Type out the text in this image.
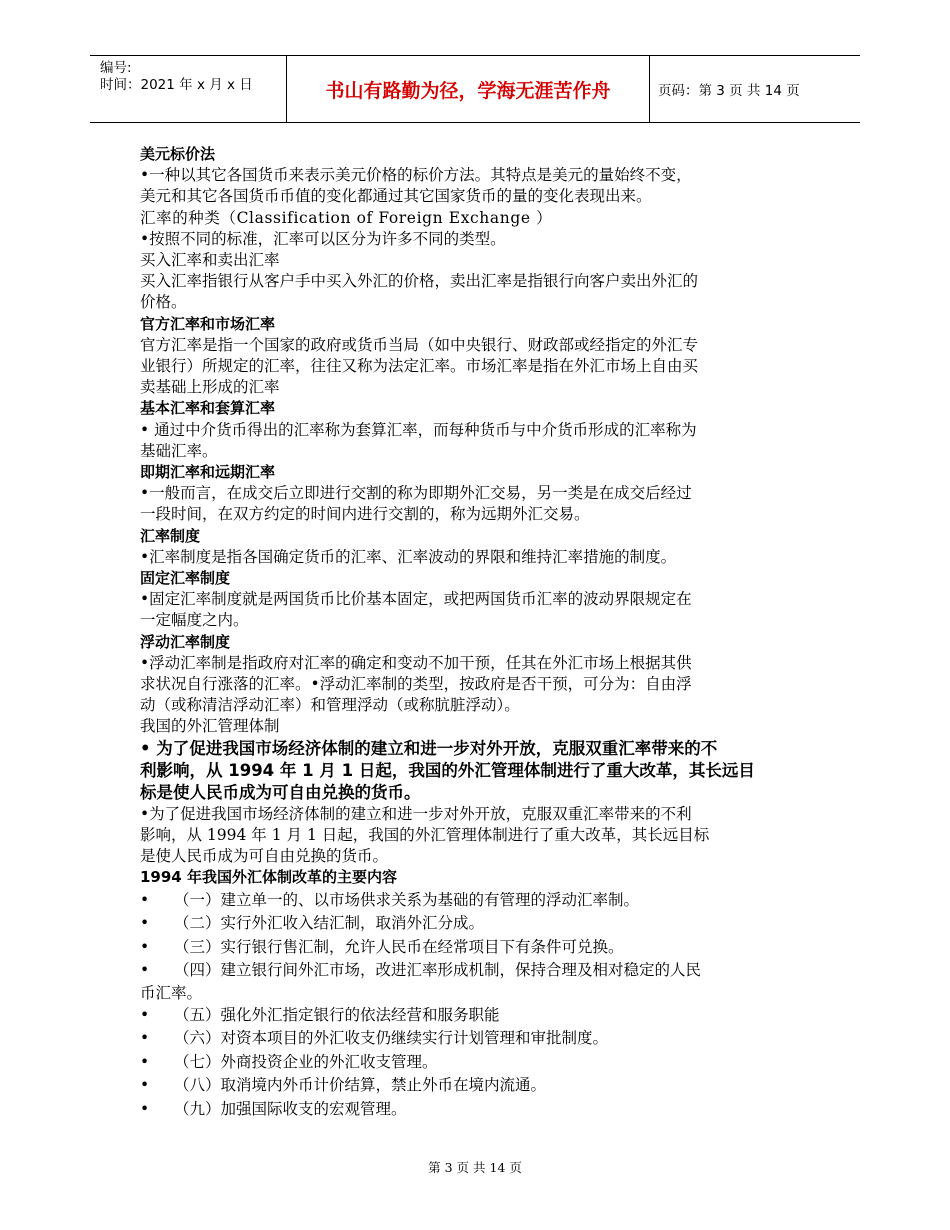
编号:
时间：2021 年 x 月 x 日	书山有路勤为径，学海无涯苦作舟	页码：第 3 页 共 14 页
美元标价法
•一种以其它各国货币来表示美元价格的标价方法。其特点是美元的量始终不变，
美元和其它各国货币币值的变化都通过其它国家货币的量的变化表现出来。
汇率的种类（Classification of Foreign Exchange ）
•按照不同的标准，汇率可以区分为许多不同的类型。
买入汇率和卖出汇率
买入汇率指银行从客户手中买入外汇的价格，卖出汇率是指银行向客户卖出外汇的
价格。
官方汇率和市场汇率
官方汇率是指一个国家的政府或货币当局（如中央银行、财政部或经指定的外汇专
业银行）所规定的汇率，往往又称为法定汇率。市场汇率是指在外汇市场上自由买
卖基础上形成的汇率
基本汇率和套算汇率
• 通过中介货币得出的汇率称为套算汇率，而每种货币与中介货币形成的汇率称为
基础汇率。
即期汇率和远期汇率
•一般而言，在成交后立即进行交割的称为即期外汇交易，另一类是在成交后经过
一段时间，在双方约定的时间内进行交割的，称为远期外汇交易。
汇率制度
•汇率制度是指各国确定货币的汇率、汇率波动的界限和维持汇率措施的制度。
固定汇率制度
•固定汇率制度就是两国货币比价基本固定，或把两国货币汇率的波动界限规定在
一定幅度之内。
浮动汇率制度
•浮动汇率制是指政府对汇率的确定和变动不加干预，任其在外汇市场上根据其供
求状况自行涨落的汇率。•浮动汇率制的类型，按政府是否干预，可分为：自由浮
动（或称清洁浮动汇率）和管理浮动（或称肮脏浮动）。
我国的外汇管理体制
• 为了促进我国市场经济体制的建立和进一步对外开放，克服双重汇率带来的不
利影响，从 1994 年 1 月 1 日起，我国的外汇管理体制进行了重大改革，其长远目
标是使人民币成为可自由兑换的货币。
•为了促进我国市场经济体制的建立和进一步对外开放，克服双重汇率带来的不利
影响，从 1994 年 1 月 1 日起，我国的外汇管理体制进行了重大改革，其长远目标
是使人民币成为可自由兑换的货币。
1994 年我国外汇体制改革的主要内容
• （一）建立单一的、以市场供求关系为基础的有管理的浮动汇率制。
• （二）实行外汇收入结汇制，取消外汇分成。
• （三）实行银行售汇制，允许人民币在经常项目下有条件可兑换。
• （四）建立银行间外汇市场，改进汇率形成机制，保持合理及相对稳定的人民
币汇率。
• （五）强化外汇指定银行的依法经营和服务职能
• （六）对资本项目的外汇收支仍继续实行计划管理和审批制度。
• （七）外商投资企业的外汇收支管理。
• （八）取消境内外币计价结算，禁止外币在境内流通。
• （九）加强国际收支的宏观管理。
第 3 页 共 14 页
